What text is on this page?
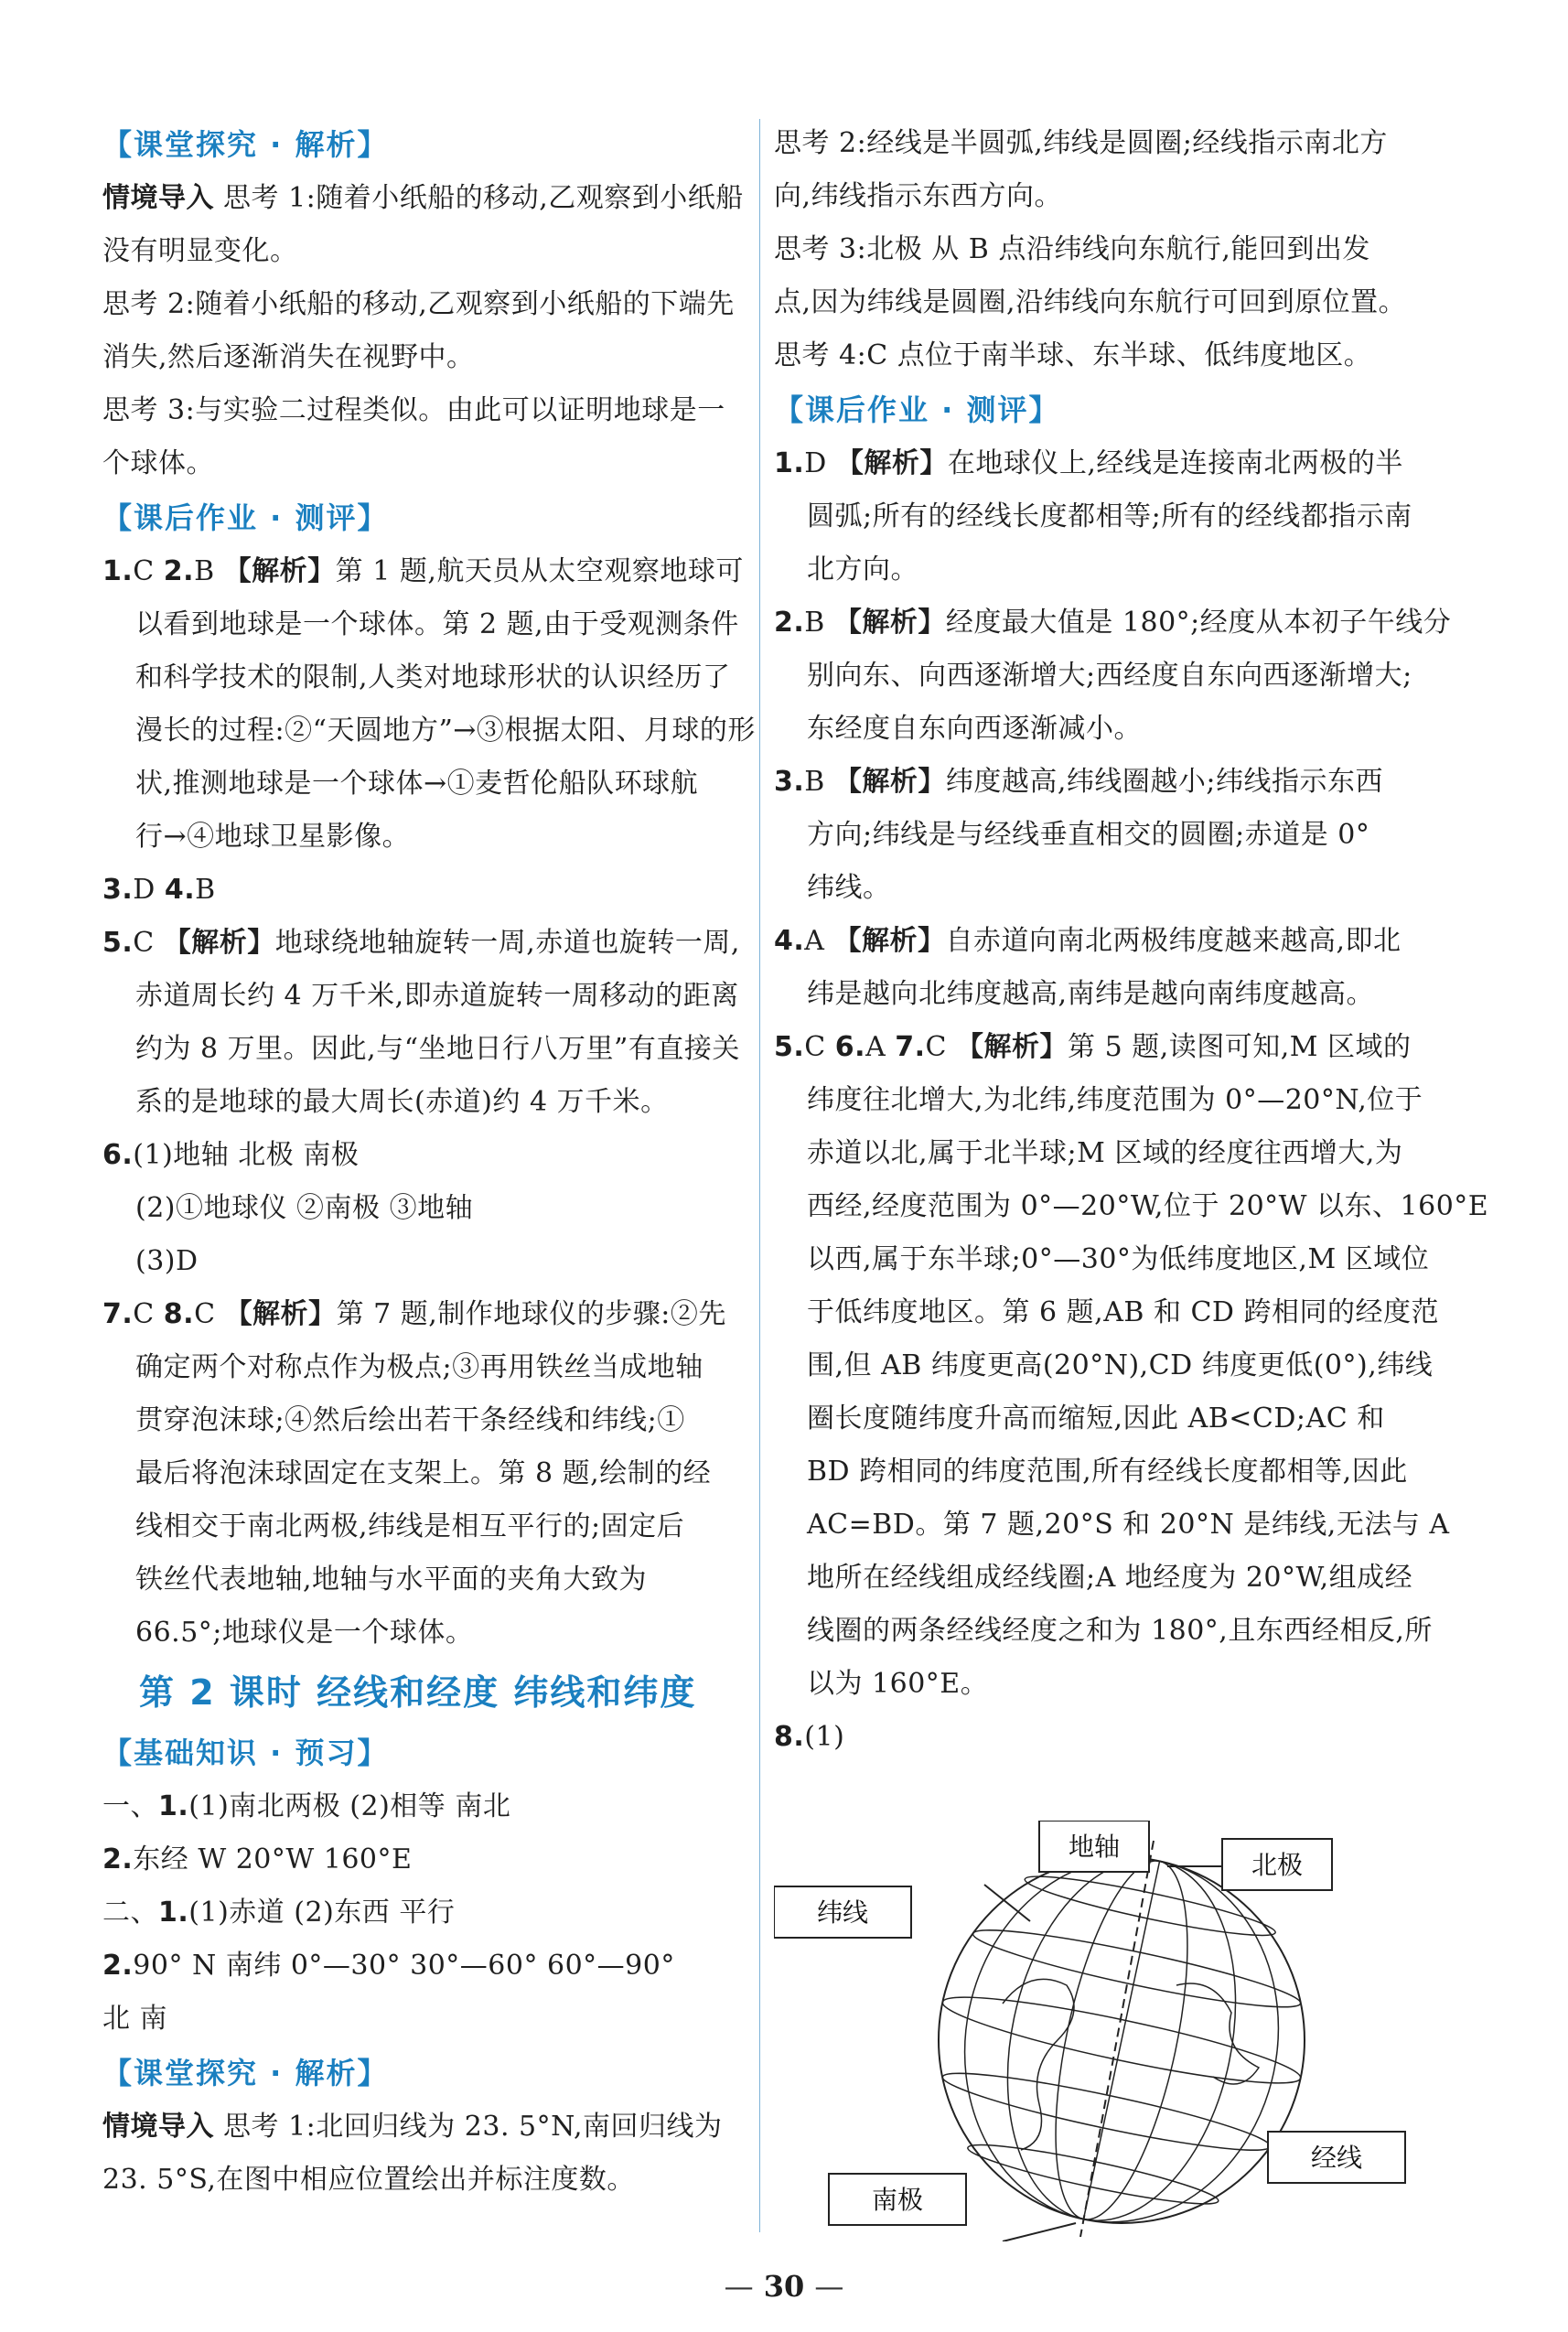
【课堂探究 · 解析】
情境导入 思考 1:随着小纸船的移动,乙观察到小纸船
没有明显变化。
思考 2:随着小纸船的移动,乙观察到小纸船的下端先
消失,然后逐渐消失在视野中。
思考 3:与实验二过程类似。由此可以证明地球是一
个球体。
【课后作业 · 测评】
1.C 2.B 【解析】第 1 题,航天员从太空观察地球可
以看到地球是一个球体。第 2 题,由于受观测条件
和科学技术的限制,人类对地球形状的认识经历了
漫长的过程:②“天圆地方”→③根据太阳、月球的形
状,推测地球是一个球体→①麦哲伦船队环球航
行→④地球卫星影像。
3.D 4.B
5.C 【解析】地球绕地轴旋转一周,赤道也旋转一周,
赤道周长约 4 万千米,即赤道旋转一周移动的距离
约为 8 万里。因此,与“坐地日行八万里”有直接关
系的是地球的最大周长(赤道)约 4 万千米。
6.(1)地轴 北极 南极
(2)①地球仪 ②南极 ③地轴
(3)D
7.C 8.C 【解析】第 7 题,制作地球仪的步骤:②先
确定两个对称点作为极点;③再用铁丝当成地轴
贯穿泡沫球;④然后绘出若干条经线和纬线;①
最后将泡沫球固定在支架上。第 8 题,绘制的经
线相交于南北两极,纬线是相互平行的;固定后
铁丝代表地轴,地轴与水平面的夹角大致为
66.5°;地球仪是一个球体。
第 2 课时 经线和经度 纬线和纬度
【基础知识 · 预习】
一、1.(1)南北两极 (2)相等 南北
2.东经 W 20°W 160°E
二、1.(1)赤道 (2)东西 平行
2.90° N 南纬 0°—30° 30°—60° 60°—90°
北 南
【课堂探究 · 解析】
情境导入 思考 1:北回归线为 23. 5°N,南回归线为
23. 5°S,在图中相应位置绘出并标注度数。
思考 2:经线是半圆弧,纬线是圆圈;经线指示南北方
向,纬线指示东西方向。
思考 3:北极 从 B 点沿纬线向东航行,能回到出发
点,因为纬线是圆圈,沿纬线向东航行可回到原位置。
思考 4:C 点位于南半球、东半球、低纬度地区。
【课后作业 · 测评】
1.D 【解析】在地球仪上,经线是连接南北两极的半
圆弧;所有的经线长度都相等;所有的经线都指示南
北方向。
2.B 【解析】经度最大值是 180°;经度从本初子午线分
别向东、向西逐渐增大;西经度自东向西逐渐增大;
东经度自东向西逐渐减小。
3.B 【解析】纬度越高,纬线圈越小;纬线指示东西
方向;纬线是与经线垂直相交的圆圈;赤道是 0°
纬线。
4.A 【解析】自赤道向南北两极纬度越来越高,即北
纬是越向北纬度越高,南纬是越向南纬度越高。
5.C 6.A 7.C 【解析】第 5 题,读图可知,M 区域的
纬度往北增大,为北纬,纬度范围为 0°—20°N,位于
赤道以北,属于北半球;M 区域的经度往西增大,为
西经,经度范围为 0°—20°W,位于 20°W 以东、160°E
以西,属于东半球;0°—30°为低纬度地区,M 区域位
于低纬度地区。第 6 题,AB 和 CD 跨相同的经度范
围,但 AB 纬度更高(20°N),CD 纬度更低(0°),纬线
圈长度随纬度升高而缩短,因此 AB<CD;AC 和
BD 跨相同的纬度范围,所有经线长度都相等,因此
AC=BD。第 7 题,20°S 和 20°N 是纬线,无法与 A
地所在经线组成经线圈;A 地经度为 20°W,组成经
线圈的两条经线经度之和为 180°,且东西经相反,所
以为 160°E。
8.(1)
地轴
北极
纬线
经线
南极
— 30 —
